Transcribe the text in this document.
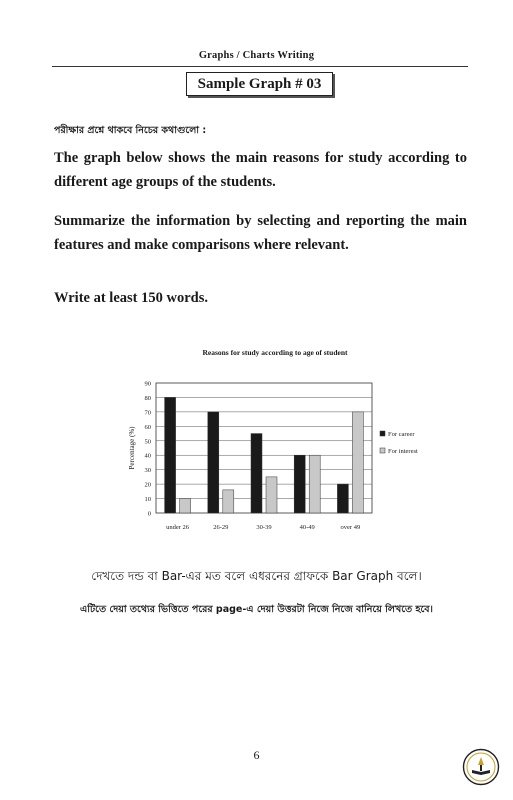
Graphs / Charts Writing
Sample Graph # 03
পরীক্ষার প্রশ্নে থাকবে নিচের কথাগুলো :
The graph below shows the main reasons for study according to different age groups of the students.
Summarize the information by selecting and reporting the main features and make comparisons where relevant.
Write at least 150 words.
Reasons for study according to age of student
0
10
20
30
40
50
60
70
80
90
Percentage (%)
under 26	26-29	30-39	40-49	over 49
For career
For interest
দেখতে দন্ড বা Bar-এর মত বলে এধরনের গ্রাফকে Bar Graph বলে।
এটিতে দেয়া তথ্যের ভিত্তিতে পরের page-এ দেয়া উত্তরটা নিজে নিজে বানিয়ে লিখতে হবে।
6
